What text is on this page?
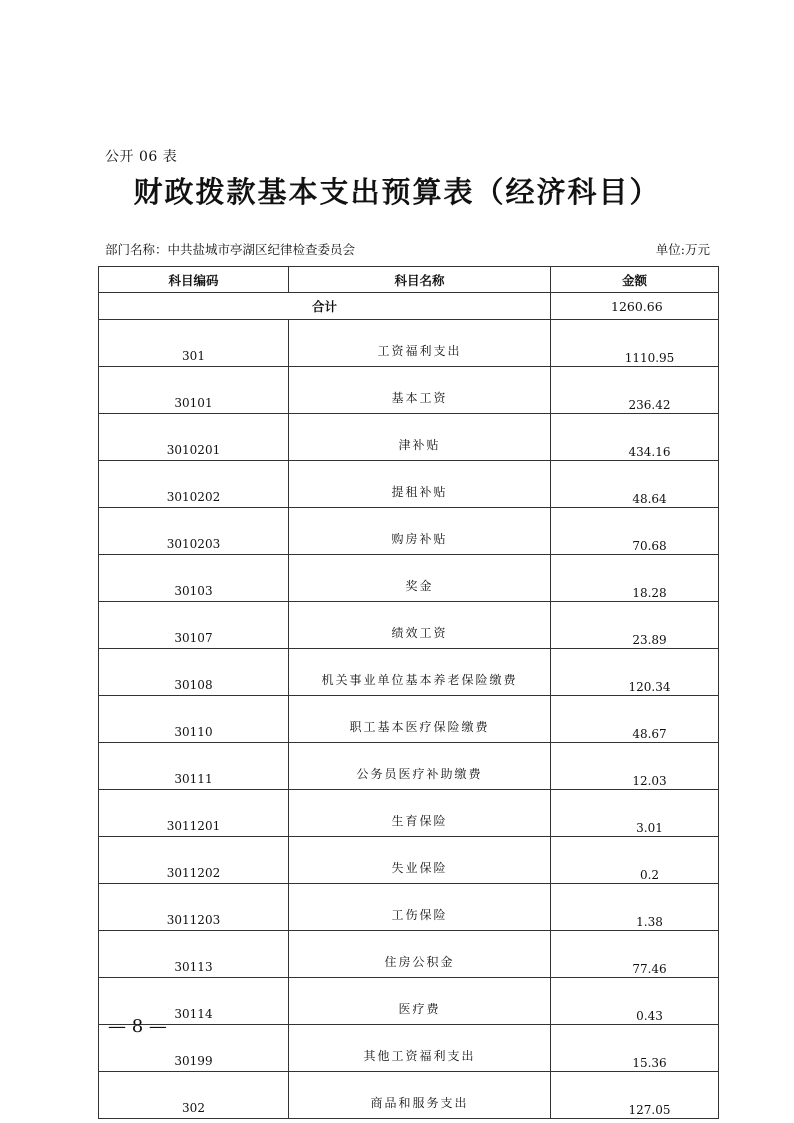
公开 06 表
财政拨款基本支出预算表（经济科目）
部门名称：中共盐城市亭湖区纪律检查委员会	单位:万元
科目编码	科目名称	金额
合计		1260.66
301	工资福利支出	1110.95
30101	基本工资	236.42
3010201	津补贴	434.16
3010202	提租补贴	48.64
3010203	购房补贴	70.68
30103	奖金	18.28
30107	绩效工资	23.89
30108	机关事业单位基本养老保险缴费	120.34
30110	职工基本医疗保险缴费	48.67
30111	公务员医疗补助缴费	12.03
3011201	生育保险	3.01
3011202	失业保险	0.2
3011203	工伤保险	1.38
30113	住房公积金	77.46
30114	医疗费	0.43
30199	其他工资福利支出	15.36
302	商品和服务支出	127.05
— 8 —
